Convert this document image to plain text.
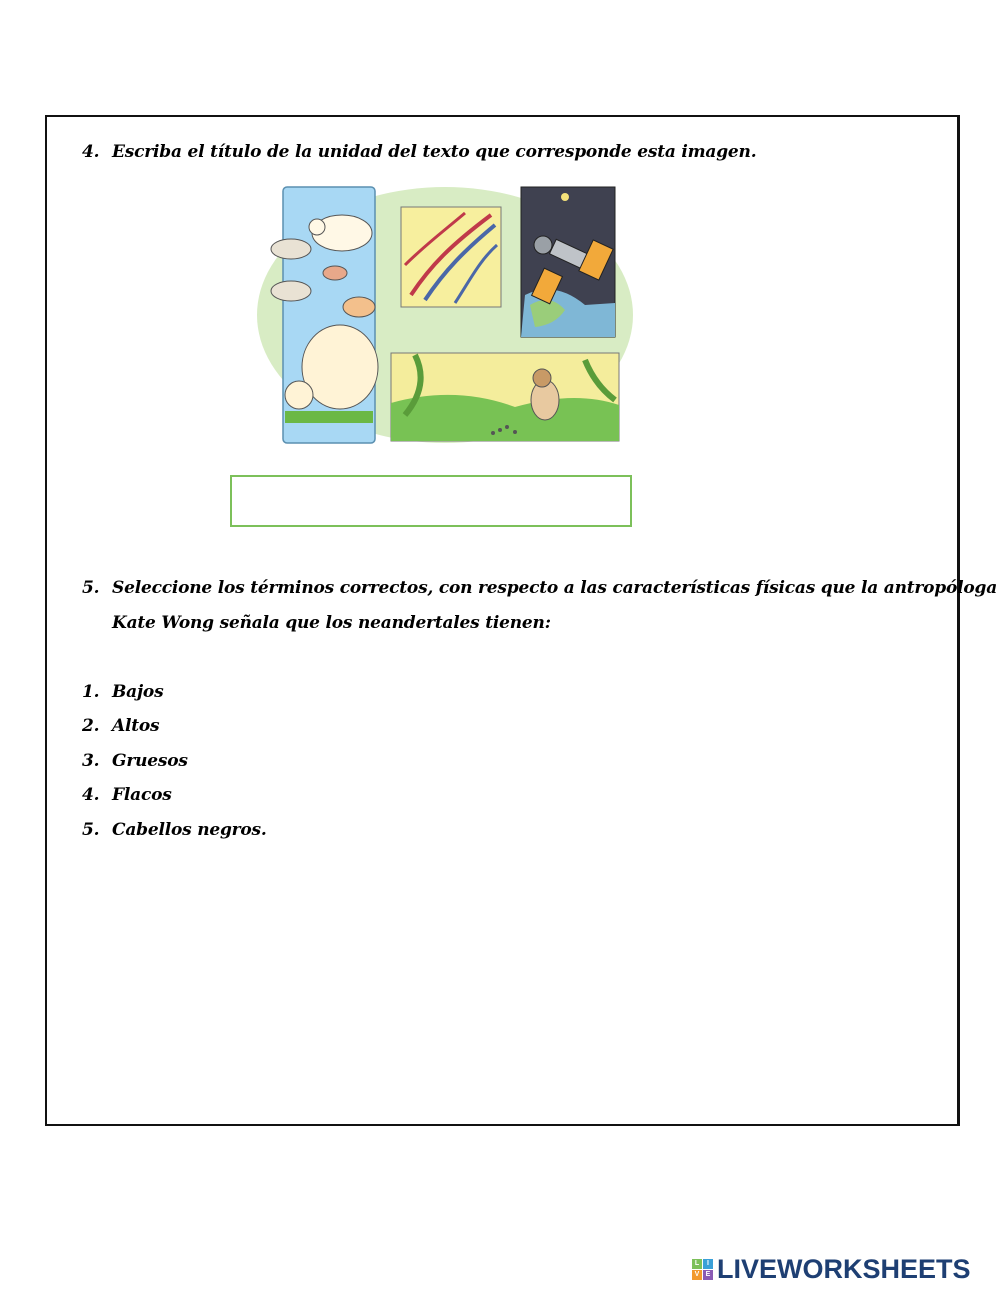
4. Escriba el título de la unidad del texto que corresponde esta imagen.
5. Seleccione los términos correctos, con respecto a las características físicas que la antropóloga
Kate Wong señala que los neandertales tienen:
1. Bajos
2. Altos
3. Gruesos
4. Flacos
5. Cabellos negros.
L	I
V E LIVEWORKSHEETS
